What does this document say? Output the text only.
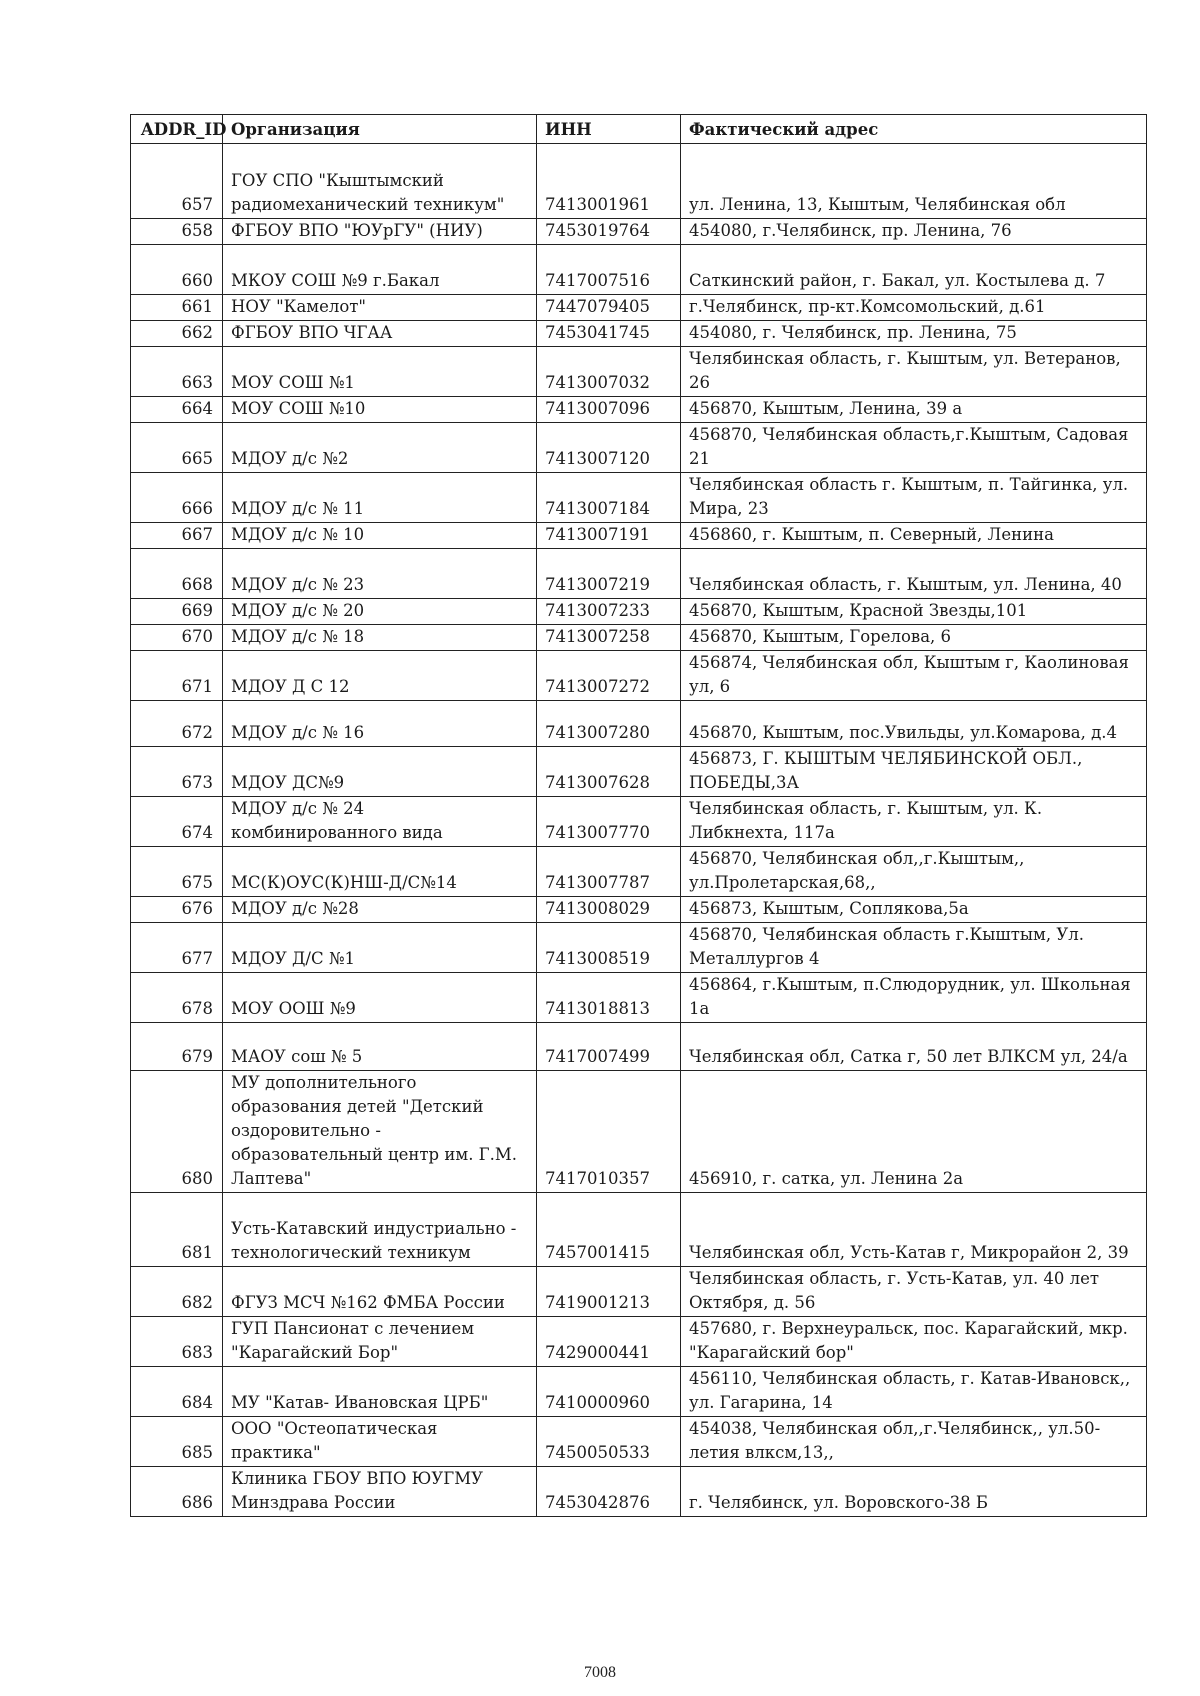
ADDR_ID	Организация	ИНН	Фактический адрес
657	ГОУ СПО "Кыштымский радиомеханический техникум"	7413001961	ул. Ленина, 13, Кыштым, Челябинская обл
658	ФГБОУ ВПО "ЮУрГУ" (НИУ)	7453019764	454080, г.Челябинск, пр. Ленина, 76
660	МКОУ СОШ №9 г.Бакал	7417007516	Саткинский район, г. Бакал, ул. Костылева д. 7
661	НОУ "Камелот"	7447079405	г.Челябинск, пр-кт.Комсомольский, д.61
662	ФГБОУ ВПО ЧГАА	7453041745	454080, г. Челябинск, пр. Ленина, 75
663	МОУ СОШ №1	7413007032	Челябинская область, г. Кыштым, ул. Ветеранов, 26
664	МОУ СОШ №10	7413007096	456870, Кыштым, Ленина, 39 а
665	МДОУ д/с №2	7413007120	456870, Челябинская область,г.Кыштым, Садовая 21
666	МДОУ д/с № 11	7413007184	Челябинская область г. Кыштым, п. Тайгинка, ул. Мира, 23
667	МДОУ д/с № 10	7413007191	456860, г. Кыштым, п. Северный, Ленина
668	МДОУ д/с № 23	7413007219	Челябинская область, г. Кыштым, ул. Ленина, 40
669	МДОУ д/с № 20	7413007233	456870, Кыштым, Красной Звезды,101
670	МДОУ д/с № 18	7413007258	456870, Кыштым, Горелова, 6
671	МДОУ Д С 12	7413007272	456874, Челябинская обл, Кыштым г, Каолиновая ул, 6
672	МДОУ д/с № 16	7413007280	456870, Кыштым, пос.Увильды, ул.Комарова, д.4
673	МДОУ ДС№9	7413007628	456873, Г. КЫШТЫМ ЧЕЛЯБИНСКОЙ ОБЛ., ПОБЕДЫ,3А
674	МДОУ д/с № 24 комбинированного вида	7413007770	Челябинская область, г. Кыштым, ул. К. Либкнехта, 117а
675	МС(К)ОУС(К)НШ-Д/С№14	7413007787	456870, Челябинская обл,,г.Кыштым,, ул.Пролетарская,68,,
676	МДОУ д/с №28	7413008029	456873, Кыштым, Соплякова,5а
677	МДОУ Д/С №1	7413008519	456870, Челябинская область г.Кыштым, Ул. Металлургов 4
678	МОУ ООШ №9	7413018813	456864, г.Кыштым, п.Слюдорудник, ул. Школьная 1а
679	МАОУ сош № 5	7417007499	Челябинская обл, Сатка г, 50 лет ВЛКСМ ул, 24/а
680	МУ дополнительного образования детей "Детский оздоровительно - образовательный центр им. Г.М. Лаптева"	7417010357	456910, г. сатка, ул. Ленина 2а
681	Усть-Катавский индустриально - технологический техникум	7457001415	Челябинская обл, Усть-Катав г, Микрорайон 2, 39
682	ФГУЗ МСЧ №162 ФМБА России	7419001213	Челябинская область, г. Усть-Катав, ул. 40 лет Октября, д. 56
683	ГУП Пансионат с лечением "Карагайский Бор"	7429000441	457680, г. Верхнеуральск, пос. Карагайский, мкр. "Карагайский бор"
684	МУ "Катав- Ивановская ЦРБ"	7410000960	456110, Челябинская область, г. Катав-Ивановск,, ул. Гагарина, 14
685	ООО "Остеопатическая практика"	7450050533	454038, Челябинская обл,,г.Челябинск,, ул.50-летия влксм,13,,
686	Клиника ГБОУ ВПО ЮУГМУ Минздрава России	7453042876	г. Челябинск, ул. Воровского-38 Б
7008
